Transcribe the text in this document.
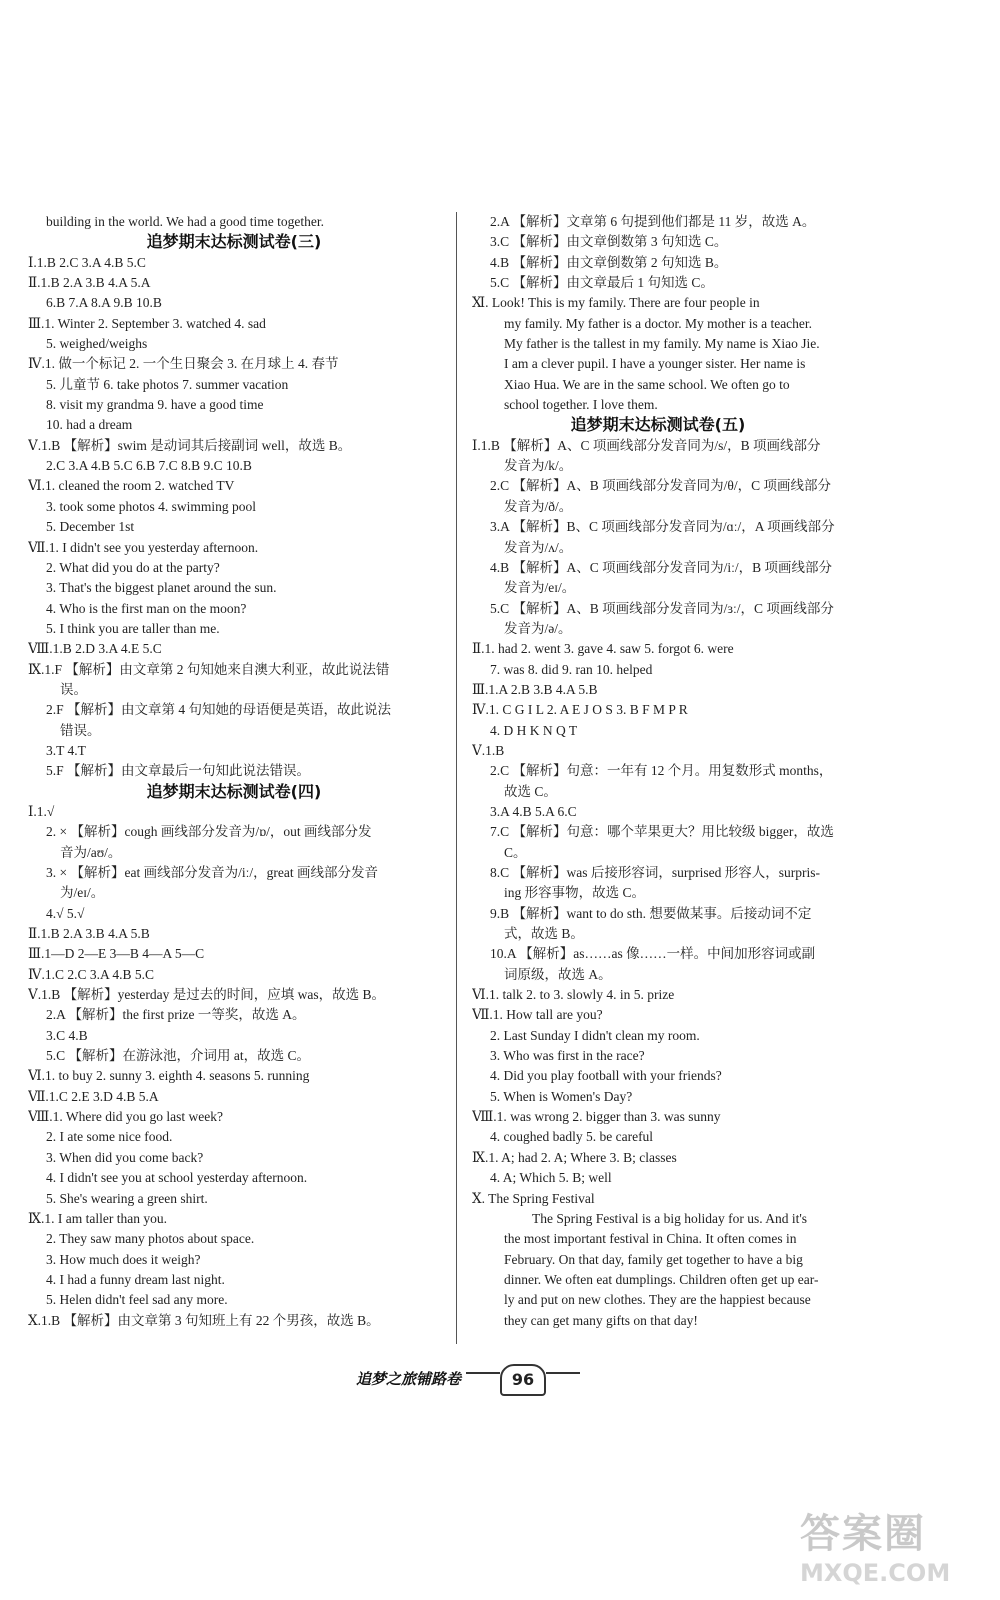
building in the world. We had a good time together.
追梦期末达标测试卷(三)
Ⅰ.1.B 2.C 3.A 4.B 5.C
Ⅱ.1.B 2.A 3.B 4.A 5.A
6.B 7.A 8.A 9.B 10.B
Ⅲ.1. Winter 2. September 3. watched 4. sad
5. weighed/weighs
Ⅳ.1. 做一个标记 2. 一个生日聚会 3. 在月球上 4. 春节
5. 儿童节 6. take photos 7. summer vacation
8. visit my grandma 9. have a good time
10. had a dream
Ⅴ.1.B 【解析】swim 是动词其后接副词 well，故选 B。
2.C 3.A 4.B 5.C 6.B 7.C 8.B 9.C 10.B
Ⅵ.1. cleaned the room 2. watched TV
3. took some photos 4. swimming pool
5. December 1st
Ⅶ.1. I didn't see you yesterday afternoon.
2. What did you do at the party?
3. That's the biggest planet around the sun.
4. Who is the first man on the moon?
5. I think you are taller than me.
Ⅷ.1.B 2.D 3.A 4.E 5.C
Ⅸ.1.F 【解析】由文章第 2 句知她来自澳大利亚，故此说法错
误。
2.F 【解析】由文章第 4 句知她的母语便是英语，故此说法
错误。
3.T 4.T
5.F 【解析】由文章最后一句知此说法错误。
追梦期末达标测试卷(四)
Ⅰ.1.√
2. × 【解析】cough 画线部分发音为/ɒ/，out 画线部分发
音为/aʊ/。
3. × 【解析】eat 画线部分发音为/iː/，great 画线部分发音
为/eɪ/。
4.√ 5.√
Ⅱ.1.B 2.A 3.B 4.A 5.B
Ⅲ.1—D 2—E 3—B 4—A 5—C
Ⅳ.1.C 2.C 3.A 4.B 5.C
Ⅴ.1.B 【解析】yesterday 是过去的时间，应填 was，故选 B。
2.A 【解析】the first prize 一等奖，故选 A。
3.C 4.B
5.C 【解析】在游泳池，介词用 at，故选 C。
Ⅵ.1. to buy 2. sunny 3. eighth 4. seasons 5. running
Ⅶ.1.C 2.E 3.D 4.B 5.A
Ⅷ.1. Where did you go last week?
2. I ate some nice food.
3. When did you come back?
4. I didn't see you at school yesterday afternoon.
5. She's wearing a green shirt.
Ⅸ.1. I am taller than you.
2. They saw many photos about space.
3. How much does it weigh?
4. I had a funny dream last night.
5. Helen didn't feel sad any more.
Ⅹ.1.B 【解析】由文章第 3 句知班上有 22 个男孩，故选 B。
2.A 【解析】文章第 6 句提到他们都是 11 岁，故选 A。
3.C 【解析】由文章倒数第 3 句知选 C。
4.B 【解析】由文章倒数第 2 句知选 B。
5.C 【解析】由文章最后 1 句知选 C。
Ⅺ. Look! This is my family. There are four people in
my family. My father is a doctor. My mother is a teacher.
My father is the tallest in my family. My name is Xiao Jie.
I am a clever pupil. I have a younger sister. Her name is
Xiao Hua. We are in the same school. We often go to
school together. I love them.
追梦期末达标测试卷(五)
Ⅰ.1.B 【解析】A、C 项画线部分发音同为/s/，B 项画线部分
发音为/k/。
2.C 【解析】A、B 项画线部分发音同为/θ/，C 项画线部分
发音为/ð/。
3.A 【解析】B、C 项画线部分发音同为/ɑː/，A 项画线部分
发音为/ʌ/。
4.B 【解析】A、C 项画线部分发音同为/iː/，B 项画线部分
发音为/eɪ/。
5.C 【解析】A、B 项画线部分发音同为/ɜː/，C 项画线部分
发音为/ə/。
Ⅱ.1. had 2. went 3. gave 4. saw 5. forgot 6. were
7. was 8. did 9. ran 10. helped
Ⅲ.1.A 2.B 3.B 4.A 5.B
Ⅳ.1. C G I L 2. A E J O S 3. B F M P R
4. D H K N Q T
Ⅴ.1.B
2.C 【解析】句意：一年有 12 个月。用复数形式 months，
故选 C。
3.A 4.B 5.A 6.C
7.C 【解析】句意：哪个苹果更大？用比较级 bigger，故选
C。
8.C 【解析】was 后接形容词，surprised 形容人，surpris-
ing 形容事物，故选 C。
9.B 【解析】want to do sth. 想要做某事。后接动词不定
式，故选 B。
10.A 【解析】as……as 像……一样。中间加形容词或副
词原级，故选 A。
Ⅵ.1. talk 2. to 3. slowly 4. in 5. prize
Ⅶ.1. How tall are you?
2. Last Sunday I didn't clean my room.
3. Who was first in the race?
4. Did you play football with your friends?
5. When is Women's Day?
Ⅷ.1. was wrong 2. bigger than 3. was sunny
4. coughed badly 5. be careful
Ⅸ.1. A; had 2. A; Where 3. B; classes
4. A; Which 5. B; well
Ⅹ. The Spring Festival
The Spring Festival is a big holiday for us. And it's
the most important festival in China. It often comes in
February. On that day, family get together to have a big
dinner. We often eat dumplings. Children often get up ear-
ly and put on new clothes. They are the happiest because
they can get many gifts on that day!
追梦之旅铺路卷	96
答案圈
MXQE.COM
